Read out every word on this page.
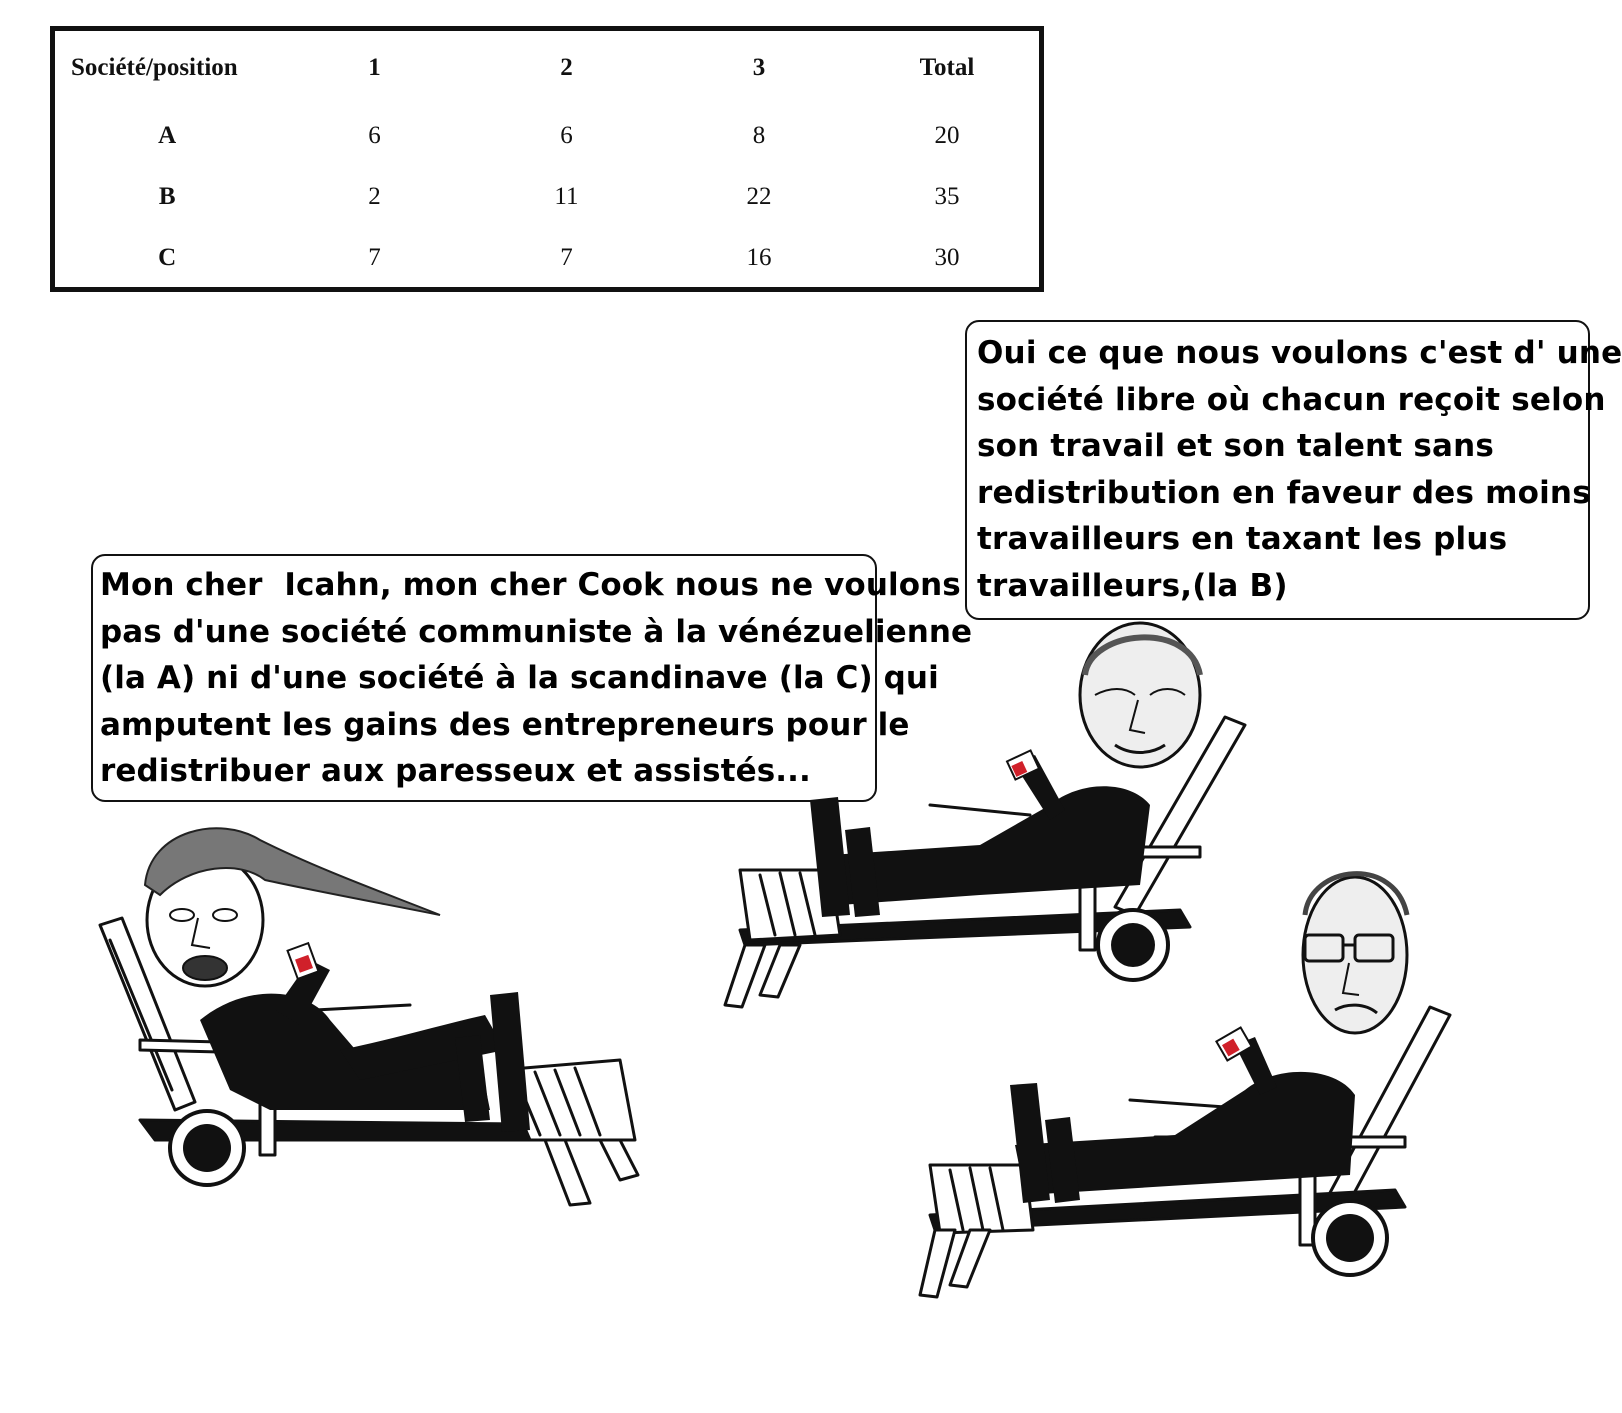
Société/position	1	2	3	Total
A	6	6	8	20
B	2	11	22	35
C	7	7	16	30
Oui ce que nous voulons c'est d' une
société libre où chacun reçoit selon
son travail et son talent sans
redistribution en faveur des moins
travailleurs en taxant les plus
travailleurs,(la B)
Mon cher  Icahn, mon cher Cook nous ne voulons
pas d'une société communiste à la vénézuelienne
(la A) ni d'une société à la scandinave (la C) qui
amputent les gains des entrepreneurs pour le
redistribuer aux paresseux et assistés...
